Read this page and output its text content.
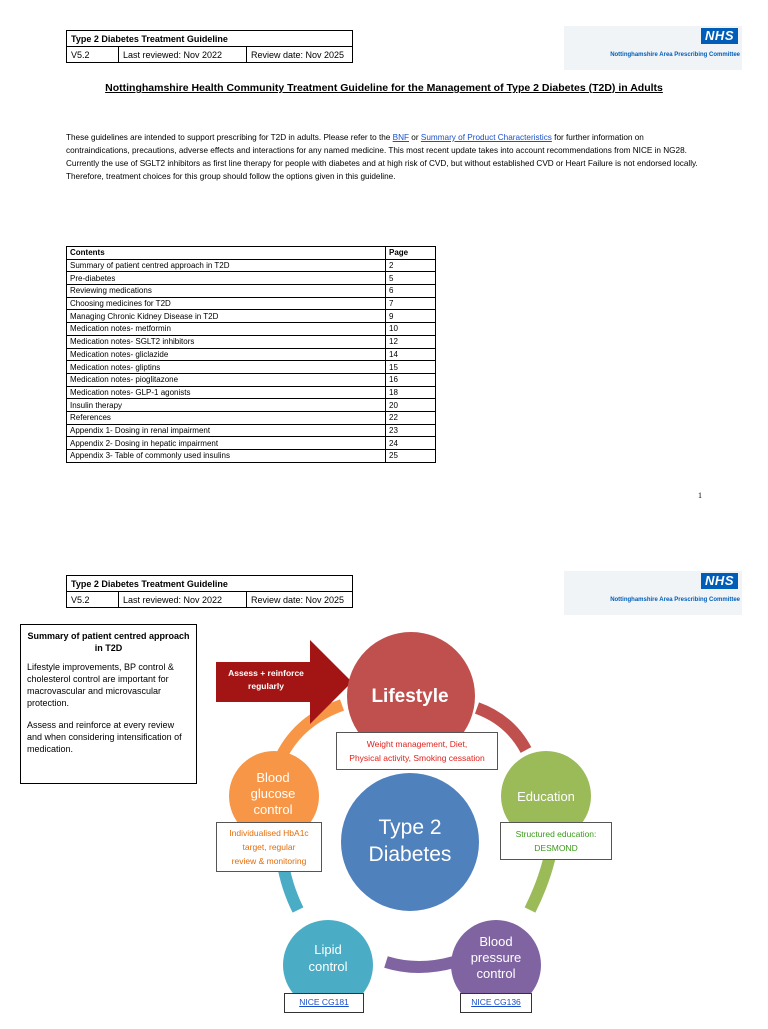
Type 2 Diabetes Treatment Guideline
V5.2	Last reviewed: Nov 2022	Review date: Nov 2025
NHS
Nottinghamshire Area Prescribing Committee
Nottinghamshire Health Community Treatment Guideline for the Management of Type 2 Diabetes (T2D) in Adults
These guidelines are intended to support prescribing for T2D in adults. Please refer to the BNF or Summary of Product Characteristics for further information on contraindications, precautions, adverse effects and interactions for any named medicine. This most recent update takes into account recommendations from NICE in NG28. Currently the use of SGLT2 inhibitors as first line therapy for people with diabetes and at high risk of CVD, but without established CVD or Heart Failure is not endorsed locally. Therefore, treatment choices for this group should follow the options given in this guideline.
Contents	Page
Summary of patient centred approach in T2D	2
Pre-diabetes	5
Reviewing medications	6
Choosing medicines for T2D	7
Managing Chronic Kidney Disease in T2D	9
Medication notes- metformin	10
Medication notes- SGLT2 inhibitors	12
Medication notes- gliclazide	14
Medication notes- gliptins	15
Medication notes- pioglitazone	16
Medication notes- GLP-1 agonists	18
Insulin therapy	20
References	22
Appendix 1- Dosing in renal impairment	23
Appendix 2- Dosing in hepatic impairment	24
Appendix 3- Table of commonly used insulins	25
1
Type 2 Diabetes Treatment Guideline
V5.2	Last reviewed: Nov 2022	Review date: Nov 2025
NHS
Nottinghamshire Area Prescribing Committee
Summary of patient centred approach in T2D

Lifestyle improvements, BP control & cholesterol control are important for macrovascular and microvascular protection.

Assess and reinforce at every review and when considering intensification of medication.

Assess + reinforce
regularly	Lifestyle
Education
Type 2
Diabetes
Blood
pressure
control
Lipid
control
Blood
glucose
control
Weight management, Diet,
Physical activity, Smoking cessation
Structured education:
DESMOND
Individualised HbA1c
target, regular
review & monitoring
NICE CG181	NICE CG136
